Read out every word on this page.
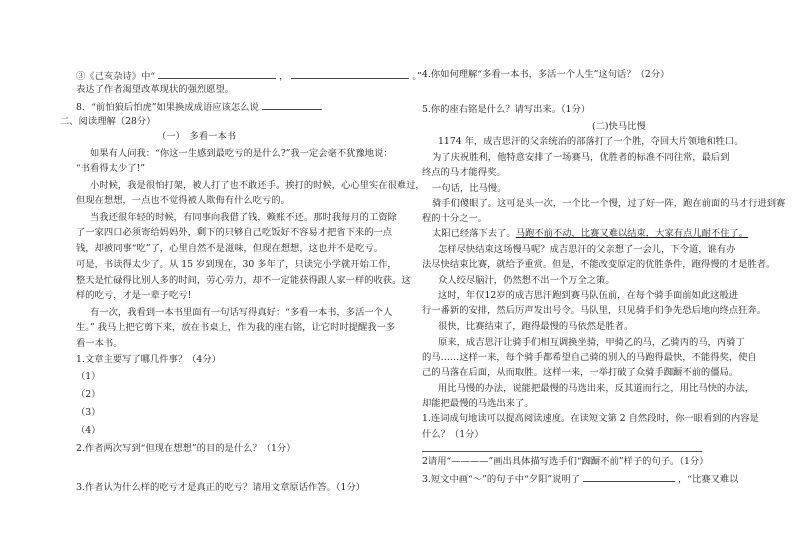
③《己亥杂诗》中“	，	。”
表达了作者渴望改革现状的强烈愿望。
8．“前怕狼后怕虎”如果换成成语应该怎么说
二、阅读理解（28分）
（一）　多看一本书
如果有人问我：“你这一生感到最吃亏的是什么?”我一定会毫不犹豫地说：
“书看得太少了!”
小时候，我是很怕打架，被人打了也不敢还手。挨打的时候，心心里实在很难过，
但现在想想，一点也不觉得被人欺侮有什么吃亏的。
当我还很年轻的时候，有同事向我借了钱，赖账不还。那时我每月的工资除
了一家四口必须寄给妈妈外，剩下的只够自己吃饭好不容易才把省下来的一点
钱，却被同事“吃”了，心里自然不是滋味，但现在想想，这也并不是吃亏。
可是，书读得太少了。从 15 岁到现在，30 多年了，只读完小学就开始工作，
整天是忙碌得比别人多的时间，劳心劳力，却不一定能获得跟人家一样的收获。这
样的吃亏，才是一辈子吃亏!
有一次，我看到一本书里面有一句话写得真好：“多看一本书，多活一个人
生。” 我马上把它剪下来，放在书桌上，作为我的座右铭，让它时时提醒我一多
看一本书。
1.文章主要写了哪几件事？（4分）
（1）
（2）
（3）
（4）
2.作者两次写到“但现在想想”的目的是什么？（1分）
3.作者认为什么样的吃亏才是真正的吃亏？请用文章原话作答。（1分）
4.你如何理解“多看一本书，多活一个人生”这句话？（2分）
5.你的座右铭是什么？请写出来。（1分）
(二)快马比慢
1174 年，成吉思汗的父亲统治的部落打了一个胜，夺回大片领地和牲口。
为了庆祝胜利，他特意安排了一场赛马，优胜者的标准不同往常，最后到
终点的马才能得奖。
一句话，比马慢。
骑手们傻眼了。这可是头一次，一个比一个慢，过了好一阵，跑在前面的马才行进到赛
程的十分之一。
太阳已经落下去了。马跑不前不动，比赛又难以结束，大家有点儿耐不住了。
怎样尽快结束这场慢马呢？成吉思汗的父亲想了一会儿，下令道，谁有办
法尽快结束比赛，就给予重赏。但是，不能改变原定的优胜条件，跑得慢的才是胜者。
众人绞尽脑汁，仍然想不出一个万全之策。
这时，年仅12岁的成吉思汗跑到赛马队伍前，在每个骑手面前如此这般进
行一番新的安排，然后厉声发出号令。马队里，只见骑手们争先恐后地向终点狂奔。
很快，比赛结束了，跑得最慢的马依然是胜者。
原来，成吉思汗让骑手们相互调换坐骑，甲骑乙的马，乙骑丙的马，丙骑丁
的马……这样一来，每个骑手都希望自己骑的别人的马跑得最快，不能得奖，使自
己的马落在后面，从而取胜。这样一来，一举打破了众骑手踟蹰不前的僵局。
用比马慢的办法，说能把最慢的马选出来，反其道而行之，用比马快的办法，
却能把最慢的马选出来了。
1.连词成句地读可以提高阅读速度。在读短文第 2 自然段时，你一眼看到的内容是
什么？（1分）
2请用“————”画出具体描写选手们“踟蹰不前”样子的句子。（1分）
3.短文中画“～”的句子中“夕阳”说明了	，“比赛又难以
